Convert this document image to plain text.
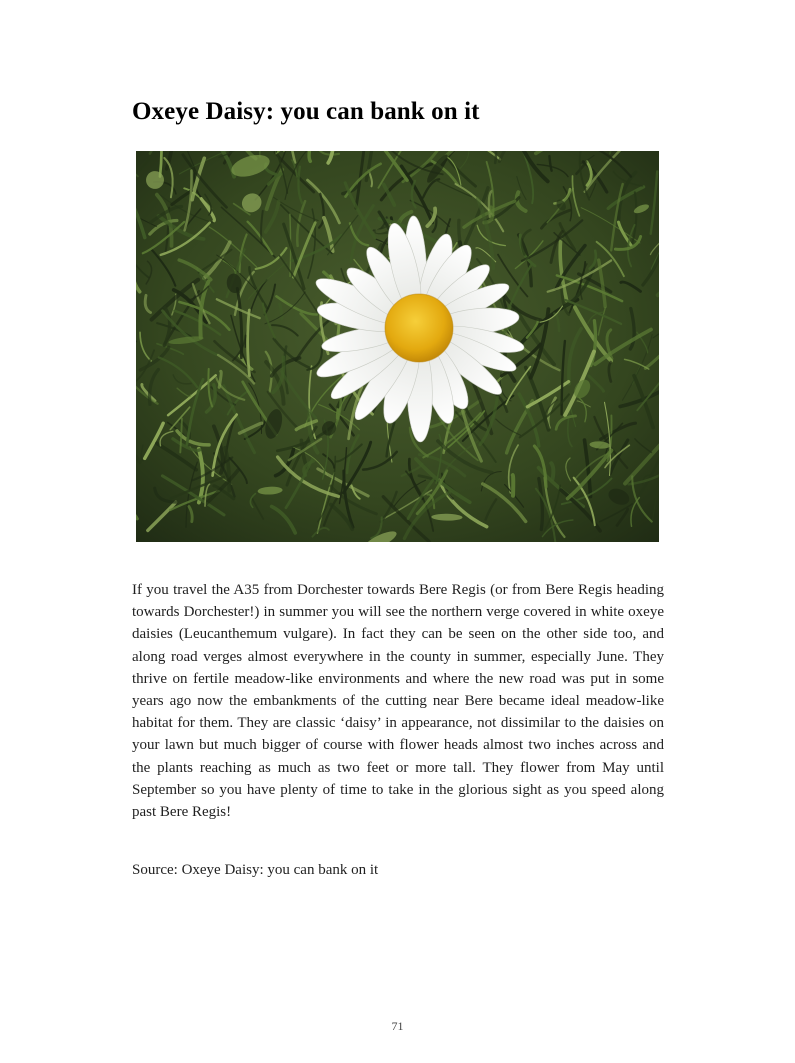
Oxeye Daisy: you can bank on it

If you travel the A35 from Dorchester towards Bere Regis (or from Bere Regis heading towards Dorchester!) in summer you will see the northern verge covered in white oxeye daisies (Leucanthemum vulgare). In fact they can be seen on the other side too, and along road verges almost everywhere in the county in summer, especially June. They thrive on fertile meadow-like environments and where the new road was put in some years ago now the embankments of the cutting near Bere became ideal meadow-like habitat for them. They are classic ‘daisy’ in appearance, not dissimilar to the daisies on your lawn but much bigger of course with flower heads almost two inches across and the plants reaching as much as two feet or more tall. They flower from May until September so you have plenty of time to take in the glorious sight as you speed along past Bere Regis!

Source: Oxeye Daisy: you can bank on it

71
